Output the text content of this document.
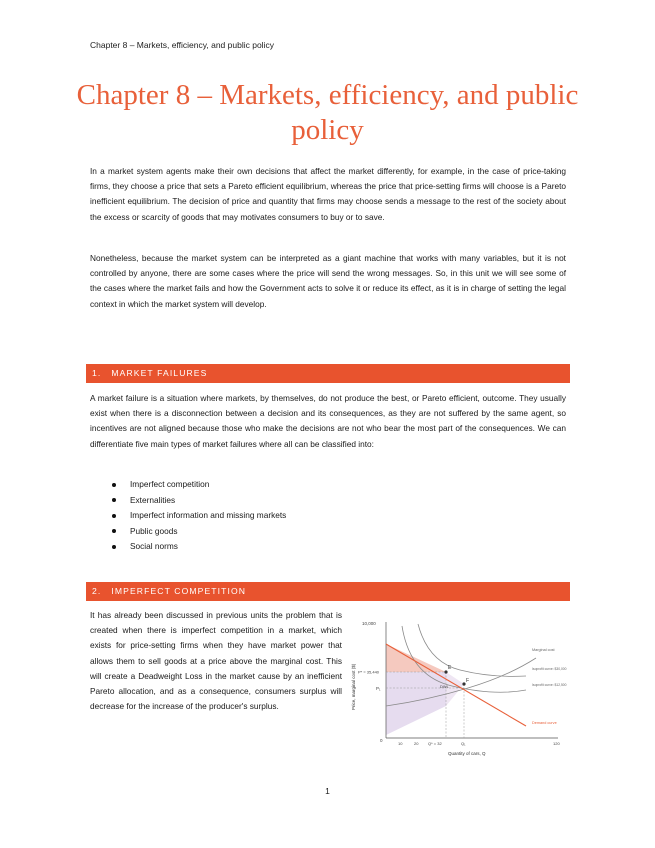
Chapter 8 – Markets, efficiency, and public policy
Chapter 8 – Markets, efficiency, and public policy

In a market system agents make their own decisions that affect the market differently, for example, in the case of price-taking firms, they choose a price that sets a Pareto efficient equilibrium, whereas the price that price-setting firms will choose is a Pareto inefficient equilibrium. The decision of price and quantity that firms may choose sends a message to the rest of the society about the excess or scarcity of goods that may motivates consumers to buy or to save.

Nonetheless, because the market system can be interpreted as a giant machine that works with many variables, but it is not controlled by anyone, there are some cases where the price will send the wrong messages. So, in this unit we will see some of the cases where the market fails and how the Government acts to solve it or reduce its effect, as it is in charge of setting the legal context in which the market system will develop.

1. MARKET FAILURES

A market failure is a situation where markets, by themselves, do not produce the best, or Pareto efficient, outcome. They usually exist when there is a disconnection between a decision and its consequences, as they are not suffered by the same agent, so incentives are not aligned because those who make the decisions are not who bear the most part of the consequences. We can differentiate five main types of market failures where all can be classified into:

Imperfect competition
Externalities
Imperfect information and missing markets
Public goods
Social norms
2. IMPERFECT COMPETITION

It has already been discussed in previous units the problem that is created when there is imperfect competition in a market, which exists for price-setting firms when they have market power that allows them to sell goods at a price above the marginal cost. This will create a Deadweight Loss in the market cause by an inefficient Pareto allocation, and as a consequence, consumers surplus will decrease for the increase of the producer's surplus.

E
F
DWL
10,000
P* = 35,440
P₁
0
10	20 Q* = 32	Q₁	120
Quantity of cars, Q
Price, marginal cost ($)
Marginal cost
Isoprofit curve: $30,000
Isoprofit curve: $12,500
Demand curve
1
